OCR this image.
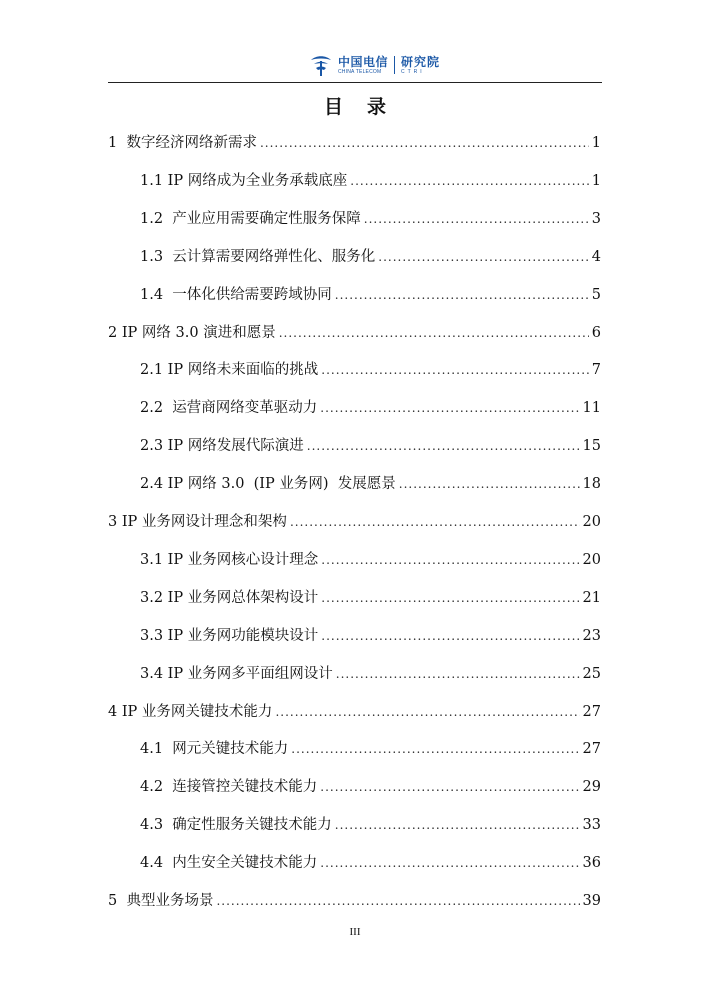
中国电信
CHINA TELECOM
研究院
CTRI
目录
1  数字经济网络新需求 .....	1
1.1 IP 网络成为全业务承载底座 .....	1
1.2  产业应用需要确定性服务保障 .....	3
1.3  云计算需要网络弹性化、服务化 .....	4
1.4  一体化供给需要跨域协同 .....	5
2 IP 网络 3.0 演进和愿景 .....	6
2.1 IP 网络未来面临的挑战 .....	7
2.2  运营商网络变革驱动力 .....	11
2.3 IP 网络发展代际演进 .....	15
2.4 IP 网络 3.0  (IP 业务网)  发展愿景 .....	18
3 IP 业务网设计理念和架构 .....	20
3.1 IP 业务网核心设计理念 .....	20
3.2 IP 业务网总体架构设计 .....	21
3.3 IP 业务网功能模块设计 .....	23
3.4 IP 业务网多平面组网设计 .....	25
4 IP 业务网关键技术能力 .....	27
4.1  网元关键技术能力 .....	27
4.2  连接管控关键技术能力 .....	29
4.3  确定性服务关键技术能力 .....	33
4.4  内生安全关键技术能力 .....	36
5  典型业务场景 .....	39
III
